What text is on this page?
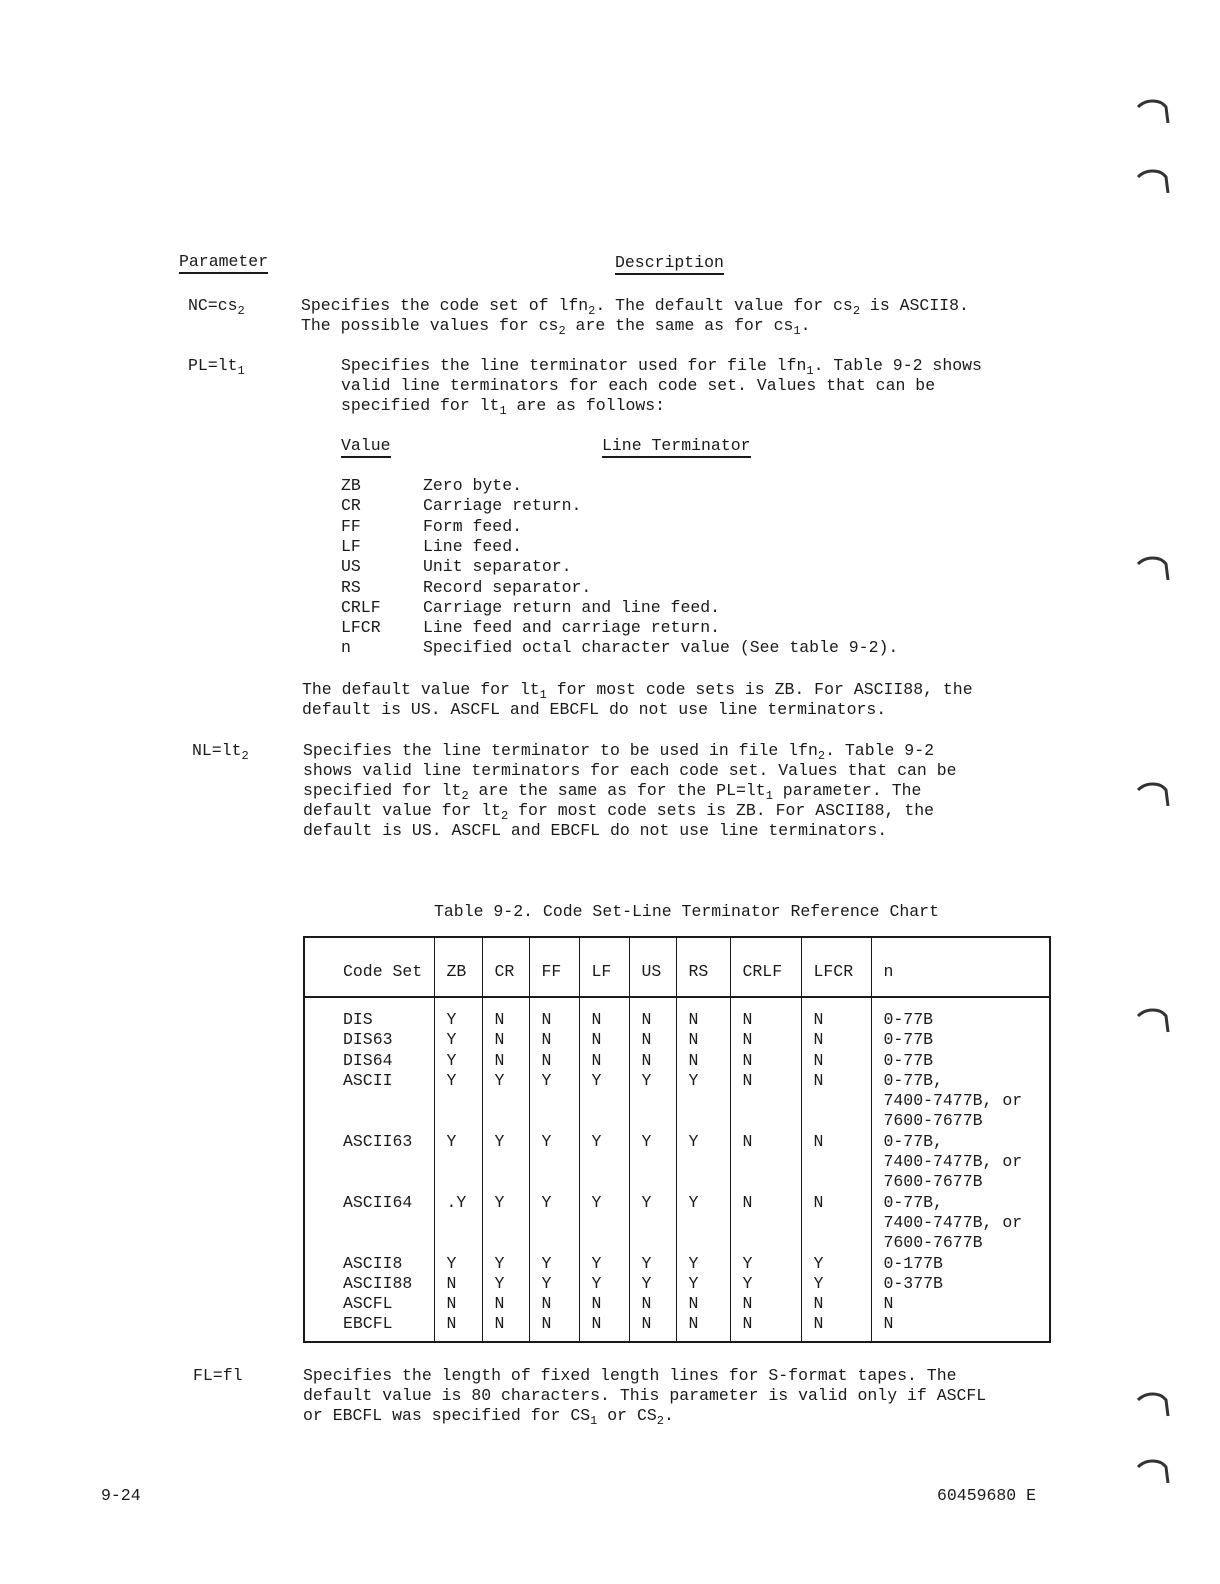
Parameter	Description
$NC=cs_2$	Specifies the code set of lfn$_2$. The default value for $cs_2$ is ASCII8.
The possible values for $cs_2$ are the same as for $cs_1$.
$PL=lt_1$	Specifies the line terminator used for file lfn$_1$. Table 9-2 shows
valid line terminators for each code set. Values that can be
specified for $lt_1$ are as follows:
Value	Line Terminator
ZB	Zero byte.
CR	Carriage return.
FF	Form feed.
LF	Line feed.
US	Unit separator.
RS	Record separator.
CRLF	Carriage return and line feed.
LFCR	Line feed and carriage return.
n	Specified octal character value (See table 9-2).
The default value for $lt_1$ for most code sets is ZB. For ASCII88, the
default is US. ASCFL and EBCFL do not use line terminators.
$NL=lt_2$	Specifies the line terminator to be used in file lfn$_2$. Table 9-2
shows valid line terminators for each code set. Values that can be
specified for $lt_2$ are the same as for the $PL=lt_1$ parameter. The
default value for $lt_2$ for most code sets is ZB. For ASCII88, the
default is US. ASCFL and EBCFL do not use line terminators.
Table 9-2. Code Set-Line Terminator Reference Chart
Code Set	ZB	CR	FF	LF	US	RS	CRLF	LFCR	n
DIS	Y	N	N	N	N	N	N	N	0-77B
DIS63	Y	N	N	N	N	N	N	N	0-77B
DIS64	Y	N	N	N	N	N	N	N	0-77B
ASCII	Y	Y	Y	Y	Y	Y	N	N	0-77B,
7400-7477B, or
7600-7677B
ASCII63	Y	Y	Y	Y	Y	Y	N	N	0-77B,
7400-7477B, or
7600-7677B
ASCII64	.Y	Y	Y	Y	Y	Y	N	N	0-77B,
7400-7477B, or
7600-7677B
ASCII8	Y	Y	Y	Y	Y	Y	Y	Y	0-177B
ASCII88	N	Y	Y	Y	Y	Y	Y	Y	0-377B
ASCFL	N	N	N	N	N	N	N	N	N
EBCFL	N	N	N	N	N	N	N	N	N
FL=fl	Specifies the length of fixed length lines for S-format tapes. The
default value is 80 characters. This parameter is valid only if ASCFL
or EBCFL was specified for $CS_1$ or $CS_2$.
9-24	60459680 E
